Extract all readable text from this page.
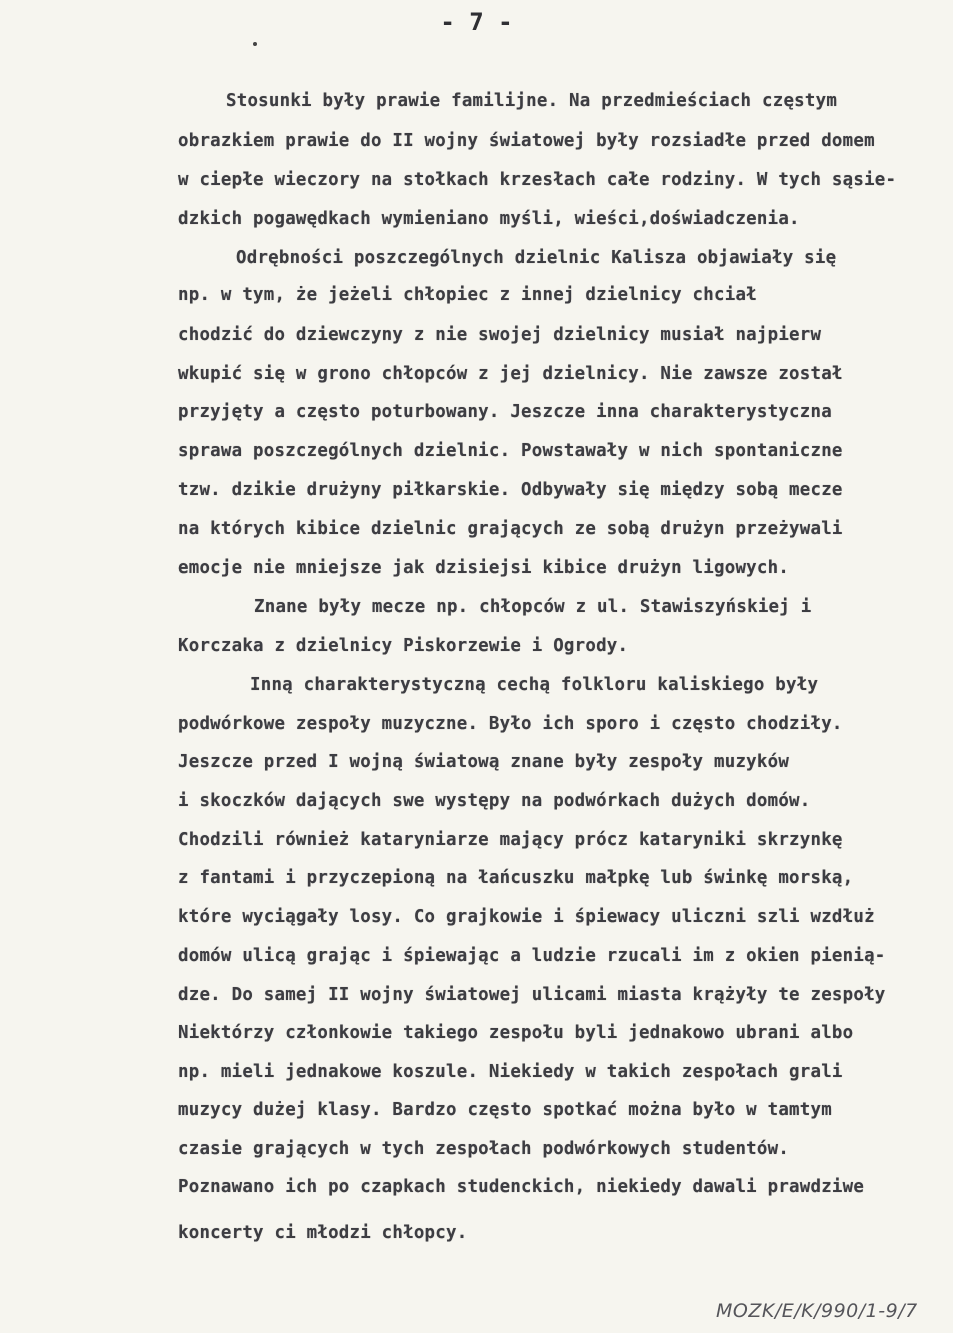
- 7 -
Stosunki były prawie familijne. Na przedmieściach częstym
obrazkiem prawie do II wojny światowej były rozsiadłe przed domem
w ciepłe wieczory na stołkach krzesłach całe rodziny. W tych sąsie-
dzkich pogawędkach wymieniano myśli, wieści,doświadczenia.
Odrębności poszczególnych dzielnic Kalisza objawiały się
np. w tym, że jeżeli chłopiec z innej dzielnicy chciał
chodzić do dziewczyny z nie swojej dzielnicy musiał najpierw
wkupić się w grono chłopców z jej dzielnicy. Nie zawsze został
przyjęty a często poturbowany. Jeszcze inna charakterystyczna
sprawa poszczególnych dzielnic. Powstawały w nich spontaniczne
tzw. dzikie drużyny piłkarskie. Odbywały się między sobą mecze
na których kibice dzielnic grających ze sobą drużyn przeżywali
emocje nie mniejsze jak dzisiejsi kibice drużyn ligowych.
Znane były mecze np. chłopców z ul. Stawiszyńskiej i
Korczaka z dzielnicy Piskorzewie i Ogrody.
Inną charakterystyczną cechą folkloru kaliskiego były
podwórkowe zespoły muzyczne. Było ich sporo i często chodziły.
Jeszcze przed I wojną światową znane były zespoły muzyków
i skoczków dających swe występy na podwórkach dużych domów.
Chodzili również kataryniarze mający prócz kataryniki skrzynkę
z fantami i przyczepioną na łańcuszku małpkę lub świnkę morską,
które wyciągały losy. Co grajkowie i śpiewacy uliczni szli wzdłuż
domów ulicą grając i śpiewając a ludzie rzucali im z okien pienią-
dze. Do samej II wojny światowej ulicami miasta krążyły te zespoły
Niektórzy członkowie takiego zespołu byli jednakowo ubrani albo
np. mieli jednakowe koszule. Niekiedy w takich zespołach grali
muzycy dużej klasy. Bardzo często spotkać można było w tamtym
czasie grających w tych zespołach podwórkowych studentów.
Poznawano ich po czapkach studenckich, niekiedy dawali prawdziwe
koncerty ci młodzi chłopcy.
MOZK/E/K/990/1-9/7
